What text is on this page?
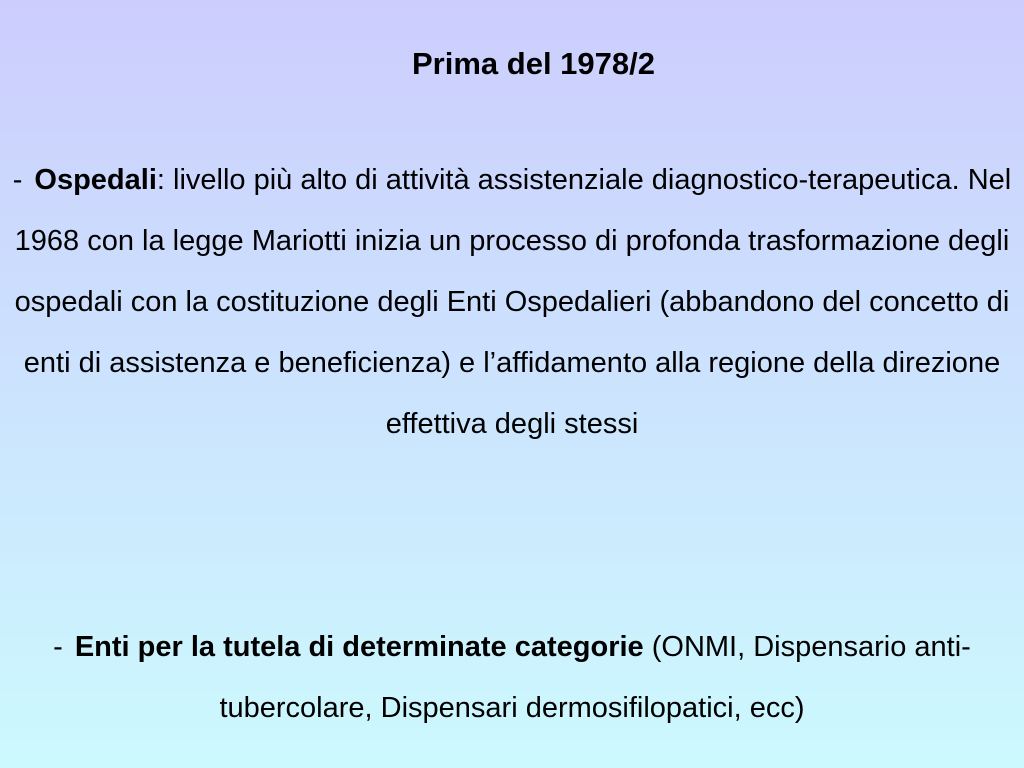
Prima del 1978/2
- Ospedali: livello più alto di attività assistenziale diagnostico-terapeutica. Nel 1968 con la legge Mariotti inizia un processo di profonda trasformazione degli ospedali con la costituzione degli Enti Ospedalieri (abbandono del concetto di enti di assistenza e beneficienza) e l’affidamento alla regione della direzione effettiva degli stessi
- Enti per la tutela di determinate categorie (ONMI, Dispensario anti-tubercolare, Dispensari dermosifilopatici, ecc)
